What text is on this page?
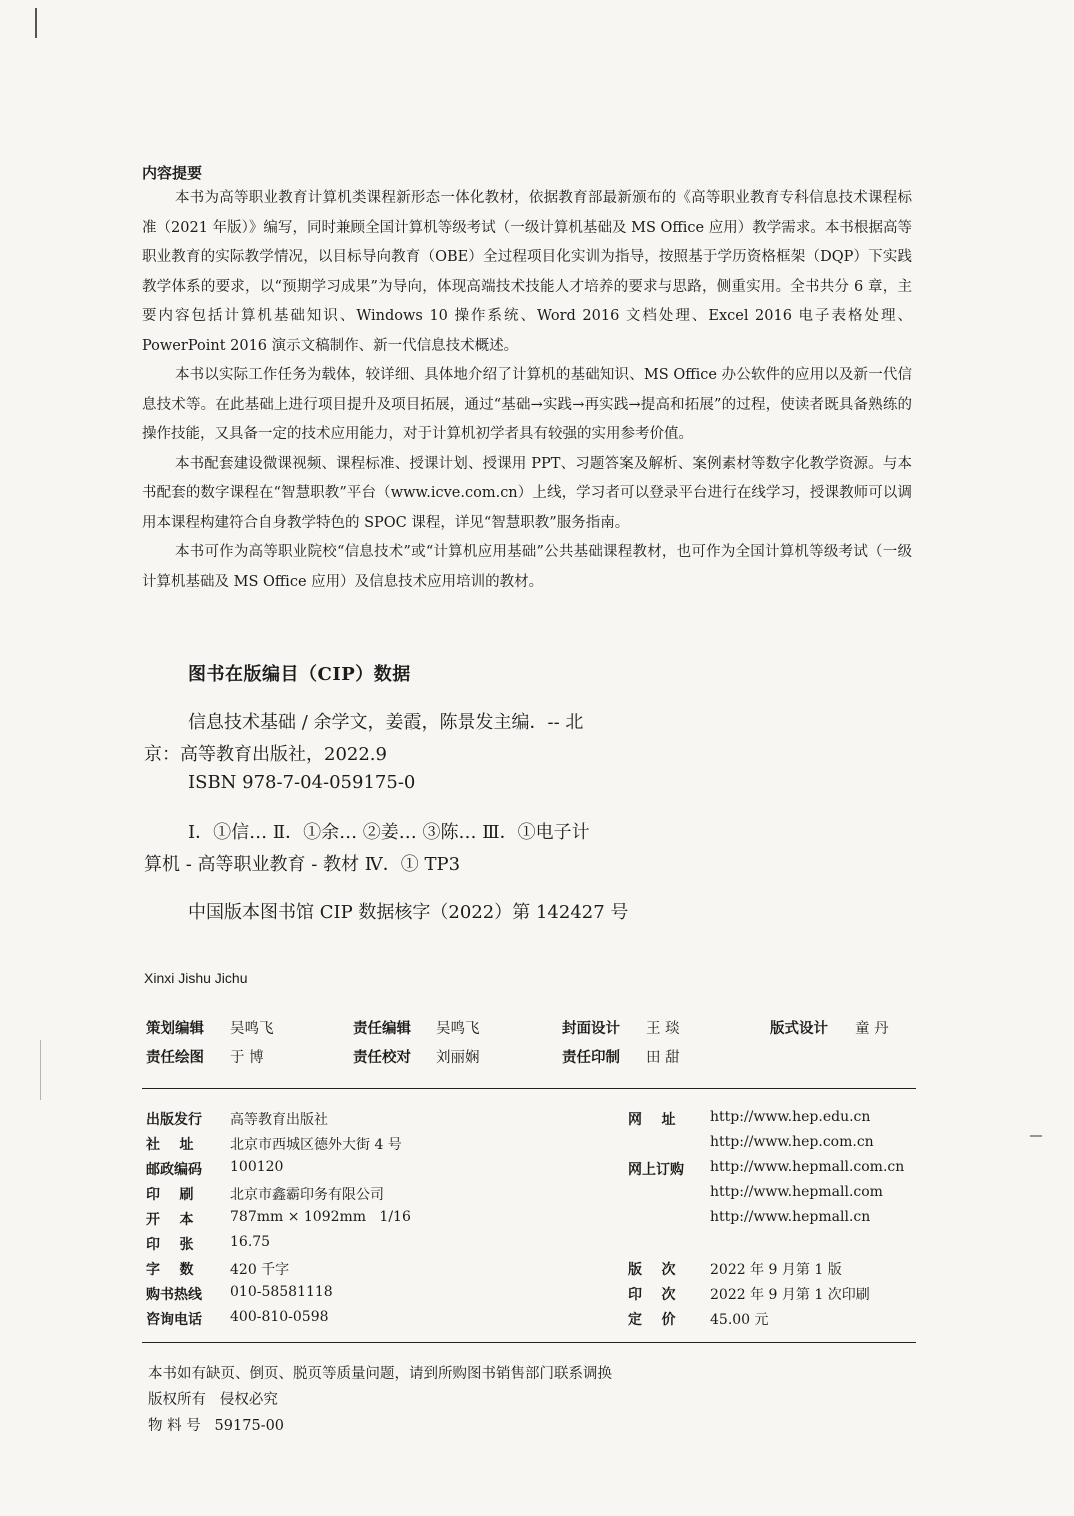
内容提要

本书为高等职业教育计算机类课程新形态一体化教材，依据教育部最新颁布的《高等职业教育专科信息技术课程标准（2021 年版）》编写，同时兼顾全国计算机等级考试（一级计算机基础及 MS Office 应用）教学需求。本书根据高等职业教育的实际教学情况，以目标导向教育（OBE）全过程项目化实训为指导，按照基于学历资格框架（DQP）下实践教学体系的要求，以“预期学习成果”为导向，体现高端技术技能人才培养的要求与思路，侧重实用。全书共分 6 章，主要内容包括计算机基础知识、Windows 10 操作系统、Word 2016 文档处理、Excel 2016 电子表格处理、PowerPoint 2016 演示文稿制作、新一代信息技术概述。

本书以实际工作任务为载体，较详细、具体地介绍了计算机的基础知识、MS Office 办公软件的应用以及新一代信息技术等。在此基础上进行项目提升及项目拓展，通过“基础→实践→再实践→提高和拓展”的过程，使读者既具备熟练的操作技能，又具备一定的技术应用能力，对于计算机初学者具有较强的实用参考价值。

本书配套建设微课视频、课程标准、授课计划、授课用 PPT、习题答案及解析、案例素材等数字化教学资源。与本书配套的数字课程在“智慧职教”平台（www.icve.com.cn）上线，学习者可以登录平台进行在线学习，授课教师可以调用本课程构建符合自身教学特色的 SPOC 课程，详见“智慧职教”服务指南。

本书可作为高等职业院校“信息技术”或“计算机应用基础”公共基础课程教材，也可作为全国计算机等级考试（一级计算机基础及 MS Office 应用）及信息技术应用培训的教材。

图书在版编目（CIP）数据
信息技术基础 / 余学文，姜霞，陈景发主编．-- 北
京：高等教育出版社，2022.9
ISBN 978-7-04-059175-0
Ⅰ．①信… Ⅱ．①余… ②姜… ③陈… Ⅲ．①电子计
算机 - 高等职业教育 - 教材 Ⅳ．① TP3
中国版本图书馆 CIP 数据核字（2022）第 142427 号
Xinxi Jishu Jichu
策划编辑 吴鸣飞	责任编辑 吴鸣飞	封面设计 王 琰	版式设计 童 丹
责任绘图 于 博	责任校对 刘丽娴	责任印制 田 甜
出版发行 高等教育出版社
社    址	北京市西城区德外大街 4 号
邮政编码 100120
印    刷	北京市鑫霸印务有限公司
开    本	787mm × 1092mm   1/16
印    张	16.75
字    数	420 千字
购书热线 010-58581118
咨询电话 400-810-0598
网    址 http://www.hep.edu.cn
http://www.hep.com.cn
网上订购 http://www.hepmall.com.cn
http://www.hepmall.com
http://www.hepmall.cn
版    次 2022 年 9 月第 1 版
印    次 2022 年 9 月第 1 次印刷
定    价 45.00 元
本书如有缺页、倒页、脱页等质量问题，请到所购图书销售部门联系调换
版权所有   侵权必究
物 料 号   59175-00
